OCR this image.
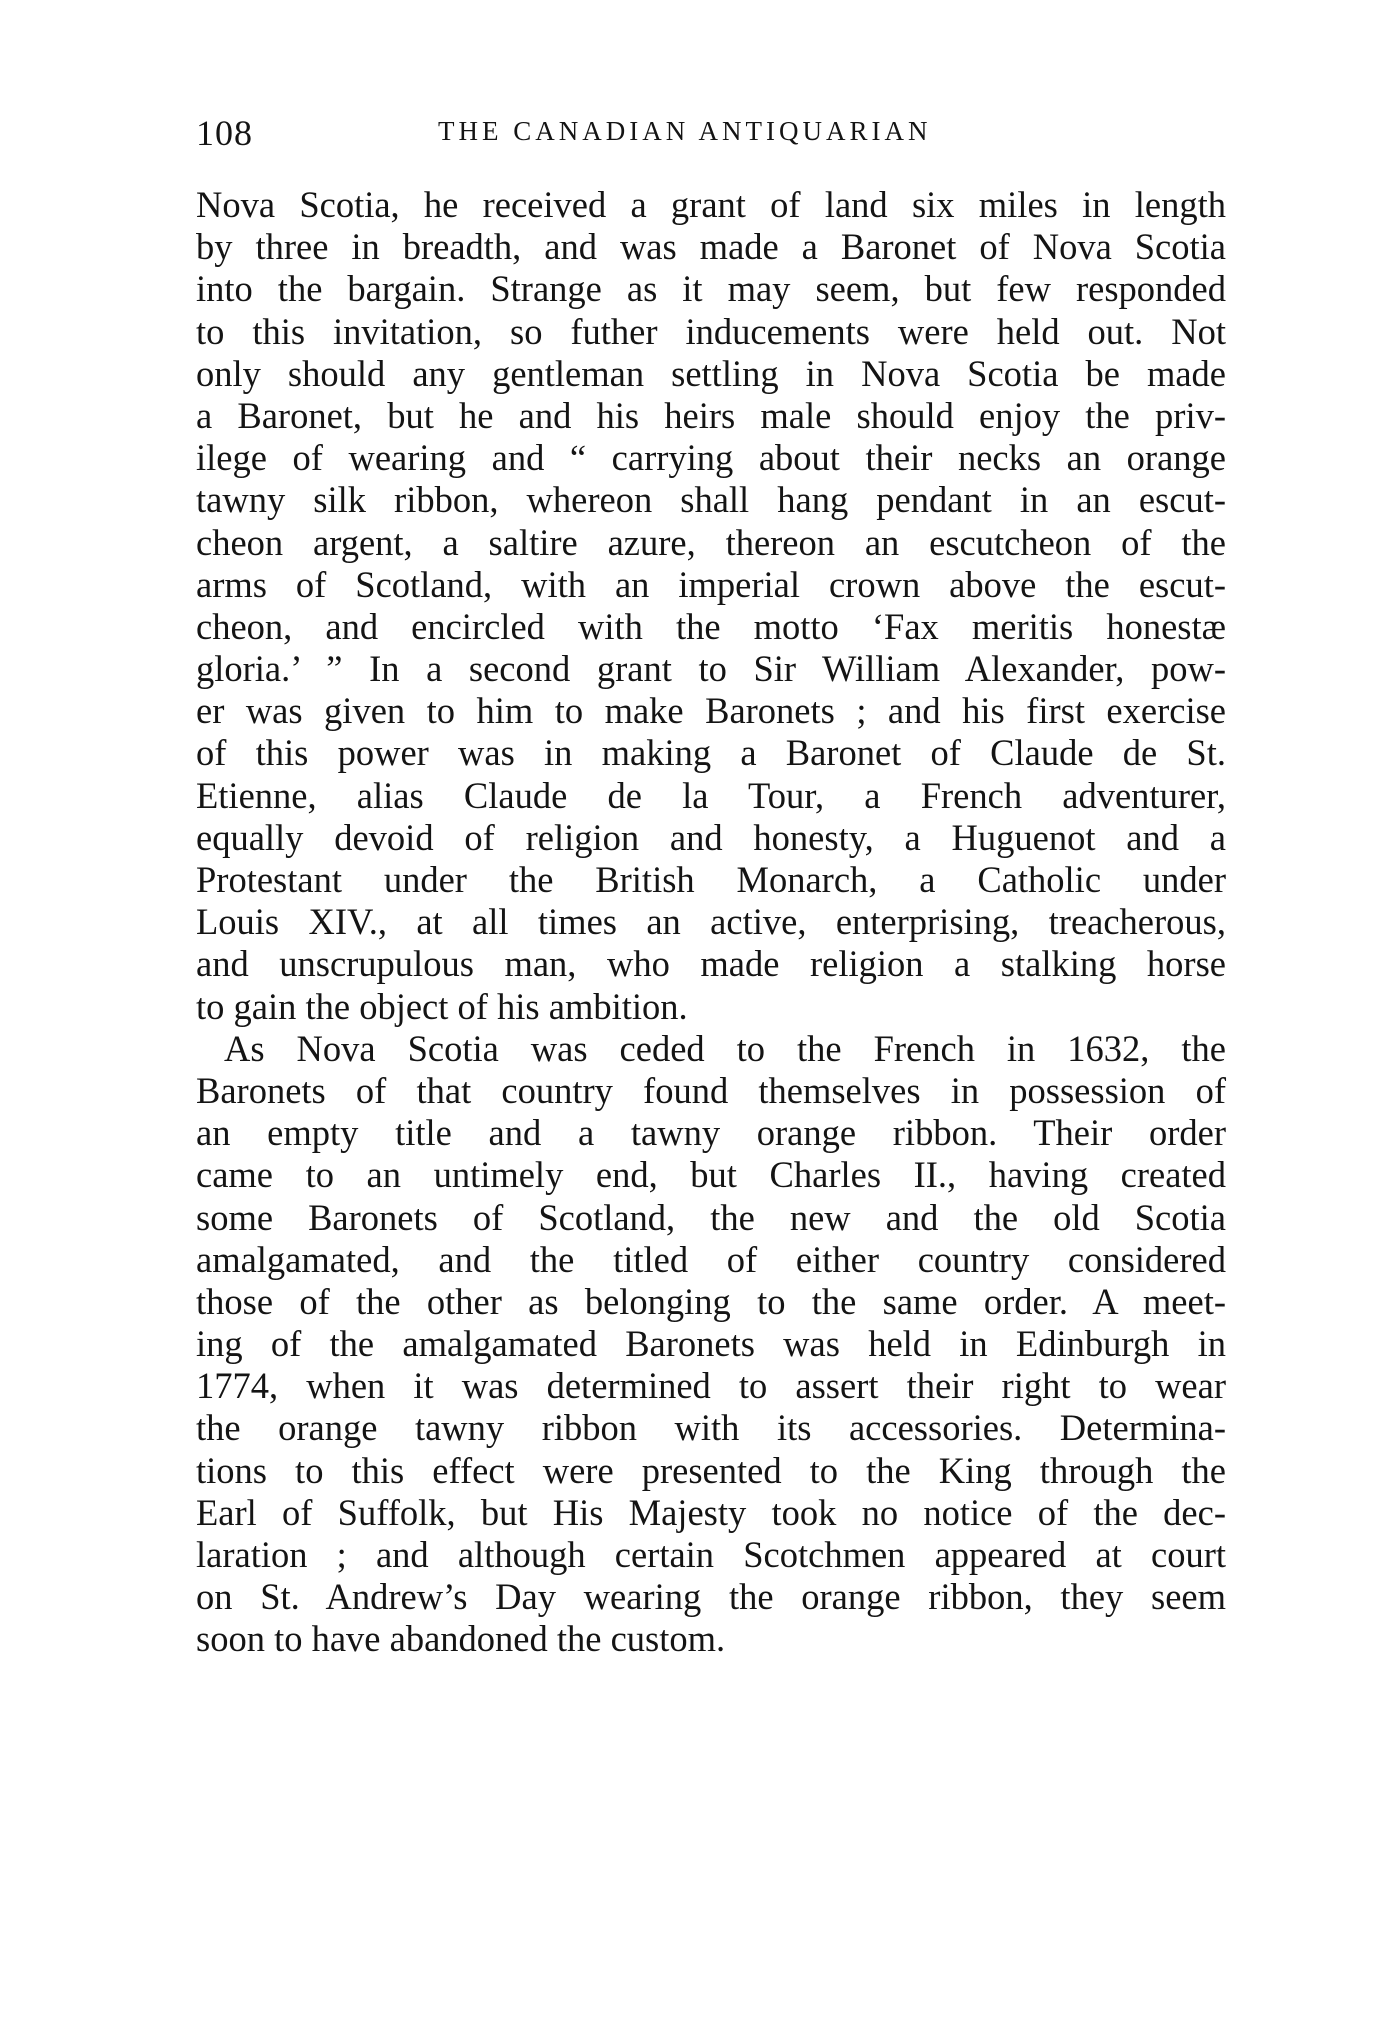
108	THE CANADIAN ANTIQUARIAN
Nova Scotia, he received a grant of land six miles in length
by three in breadth, and was made a Baronet of Nova Scotia
into the bargain. Strange as it may seem, but few responded
to this invitation, so futher inducements were held out. Not
only should any gentleman settling in Nova Scotia be made
a Baronet, but he and his heirs male should enjoy the priv-
ilege of wearing and “ carrying about their necks an orange
tawny silk ribbon, whereon shall hang pendant in an escut-
cheon argent, a saltire azure, thereon an escutcheon of the
arms of Scotland, with an imperial crown above the escut-
cheon, and encircled with the motto ‘Fax meritis honestæ
gloria.’ ” In a second grant to Sir William Alexander, pow-
er was given to him to make Baronets ; and his first exercise
of this power was in making a Baronet of Claude de St.
Etienne, alias Claude de la Tour, a French adventurer,
equally devoid of religion and honesty, a Huguenot and a
Protestant under the British Monarch, a Catholic under
Louis XIV., at all times an active, enterprising, treacherous,
and unscrupulous man, who made religion a stalking horse
to gain the object of his ambition.
As Nova Scotia was ceded to the French in 1632, the
Baronets of that country found themselves in possession of
an empty title and a tawny orange ribbon. Their order
came to an untimely end, but Charles II., having created
some Baronets of Scotland, the new and the old Scotia
amalgamated, and the titled of either country considered
those of the other as belonging to the same order. A meet-
ing of the amalgamated Baronets was held in Edinburgh in
1774, when it was determined to assert their right to wear
the orange tawny ribbon with its accessories. Determina-
tions to this effect were presented to the King through the
Earl of Suffolk, but His Majesty took no notice of the dec-
laration ; and although certain Scotchmen appeared at court
on St. Andrew’s Day wearing the orange ribbon, they seem
soon to have abandoned the custom.
